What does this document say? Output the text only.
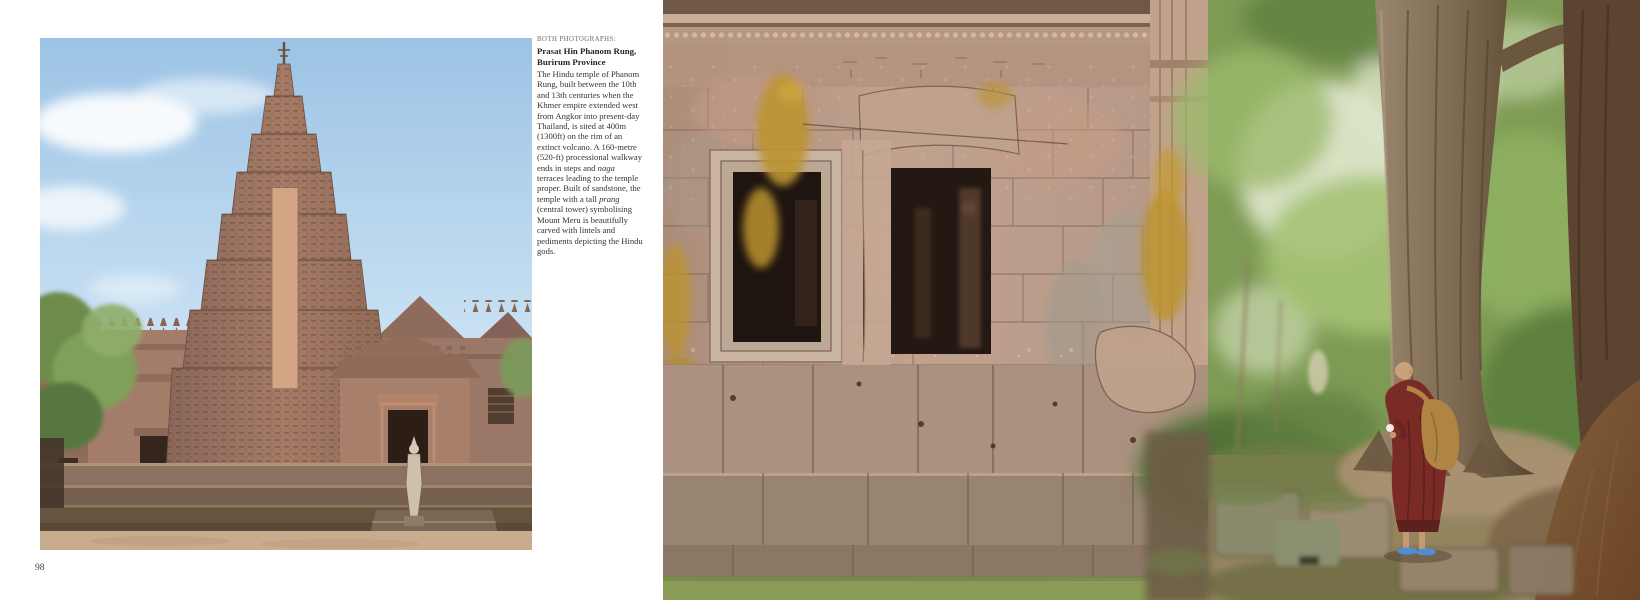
BOTH PHOTOGRAPHS:

Prasat Hin Phanom Rung,

Burirum Province

The Hindu temple of Phanom Rung, built between the 10th and 13th centuries when the Khmer empire extended west from Angkor into present-day Thailand, is sited at 400m (1300ft) on the rim of an extinct volcano. A 160-metre (520-ft) processional walkway ends in steps and naga terraces leading to the temple proper. Built of sandstone, the temple with a tall prang (central tower) symbolising Mount Meru is beautifully carved with lintels and pediments depicting the Hindu gods.
98
